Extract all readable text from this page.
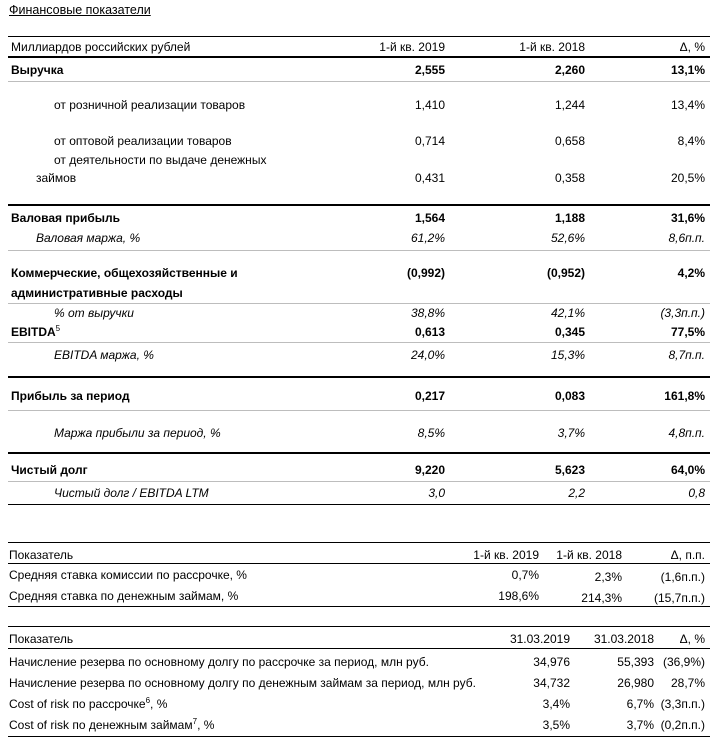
Финансовые показатели
Миллиардов российских рублей	1-й кв. 2019	1-й кв. 2018	Δ, %
Выручка	2,555	2,260	13,1%
от розничной реализации товаров	1,410	1,244	13,4%
от оптовой реализации товаров	0,714	0,658	8,4%
от деятельности по выдаче денежных
займов	0,431	0,358	20,5%
Валовая прибыль	1,564	1,188	31,6%
Валовая маржа, %	61,2%	52,6%	8,6п.п.
Коммерческие, общехозяйственные и
административные расходы
(0,992)	(0,952)	4,2%
% от выручки	38,8%	42,1%	(3,3п.п.)
EBITDA$^5$	0,613	0,345	77,5%
EBITDA маржа, %	24,0%	15,3%	8,7п.п.
Прибыль за период	0,217	0,083	161,8%
Маржа прибыли за период, %	8,5%	3,7%	4,8п.п.
Чистый долг	9,220	5,623	64,0%
Чистый долг / EBITDA LTM	3,0	2,2	0,8
Показатель	1-й кв. 2019 1-й кв. 2018	Δ, п.п.
Средняя ставка комиссии по рассрочке, %	0,7%	2,3%	(1,6п.п.)
Средняя ставка по денежным займам, %	198,6%	214,3%	(15,7п.п.)
Показатель	31.03.2019 31.03.2018 Δ, %
Начисление резерва по основному долгу по рассрочке за период, млн руб.	34,976	55,393 (36,9%)
Начисление резерва по основному долгу по денежным займам за период, млн руб.	34,732	26,980 28,7%
Cost of risk по рассрочке$^6$, %	3,4%	6,7% (3,3п.п.)
Cost of risk по денежным займам$^7$, %	3,5%	3,7% (0,2п.п.)
